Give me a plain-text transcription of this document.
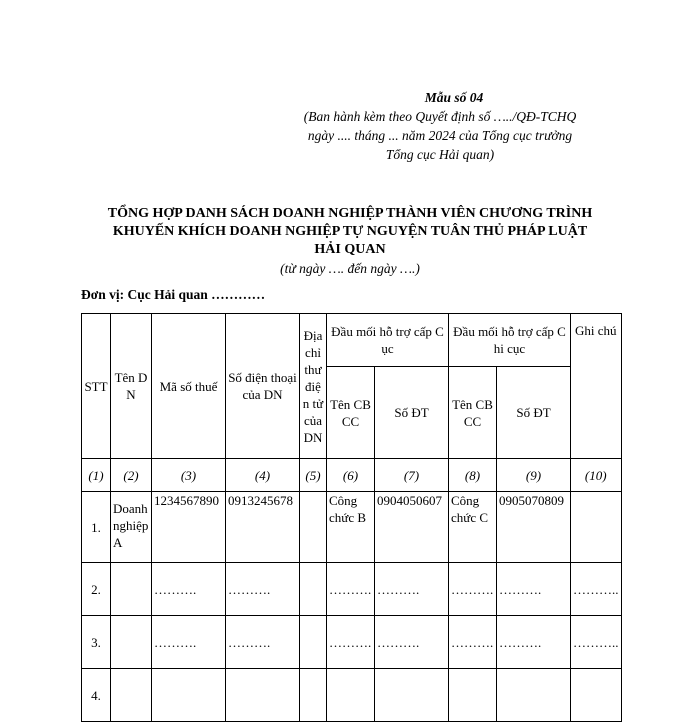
Mẫu số 04
(Ban hành kèm theo Quyết định số …../QĐ-TCHQ
ngày .... tháng ... năm 2024 của Tổng cục trưởng
Tổng cục Hải quan)
TỔNG HỢP DANH SÁCH DOANH NGHIỆP THÀNH VIÊN CHƯƠNG TRÌNH
KHUYẾN KHÍCH DOANH NGHIỆP TỰ NGUYỆN TUÂN THỦ PHÁP LUẬT
HẢI QUAN
(từ ngày …. đến ngày ….)
Đơn vị: Cục Hải quan …………
STT	Tên DN	Mã số thuế	Số điện thoại của DN	Địa chỉ thư điện tử của DN	Đầu mối hỗ trợ cấp Cục		Đầu mối hỗ trợ cấp Chi cục		Ghi chú
					Tên CBCC	Số ĐT	Tên CBCC	Số ĐT	
(1)	(2)	(3)	(4)	(5)	(6)	(7)	(8)	(9)	(10)
1.	Doanh nghiệp A	1234567890	0913245678		Công chức B	0904050607	Công chức C	0905070809	
2.		……….	……….		……….	……….	……….	……….	………..
3.		……….	……….		……….	……….	……….	……….	………..
4.									
